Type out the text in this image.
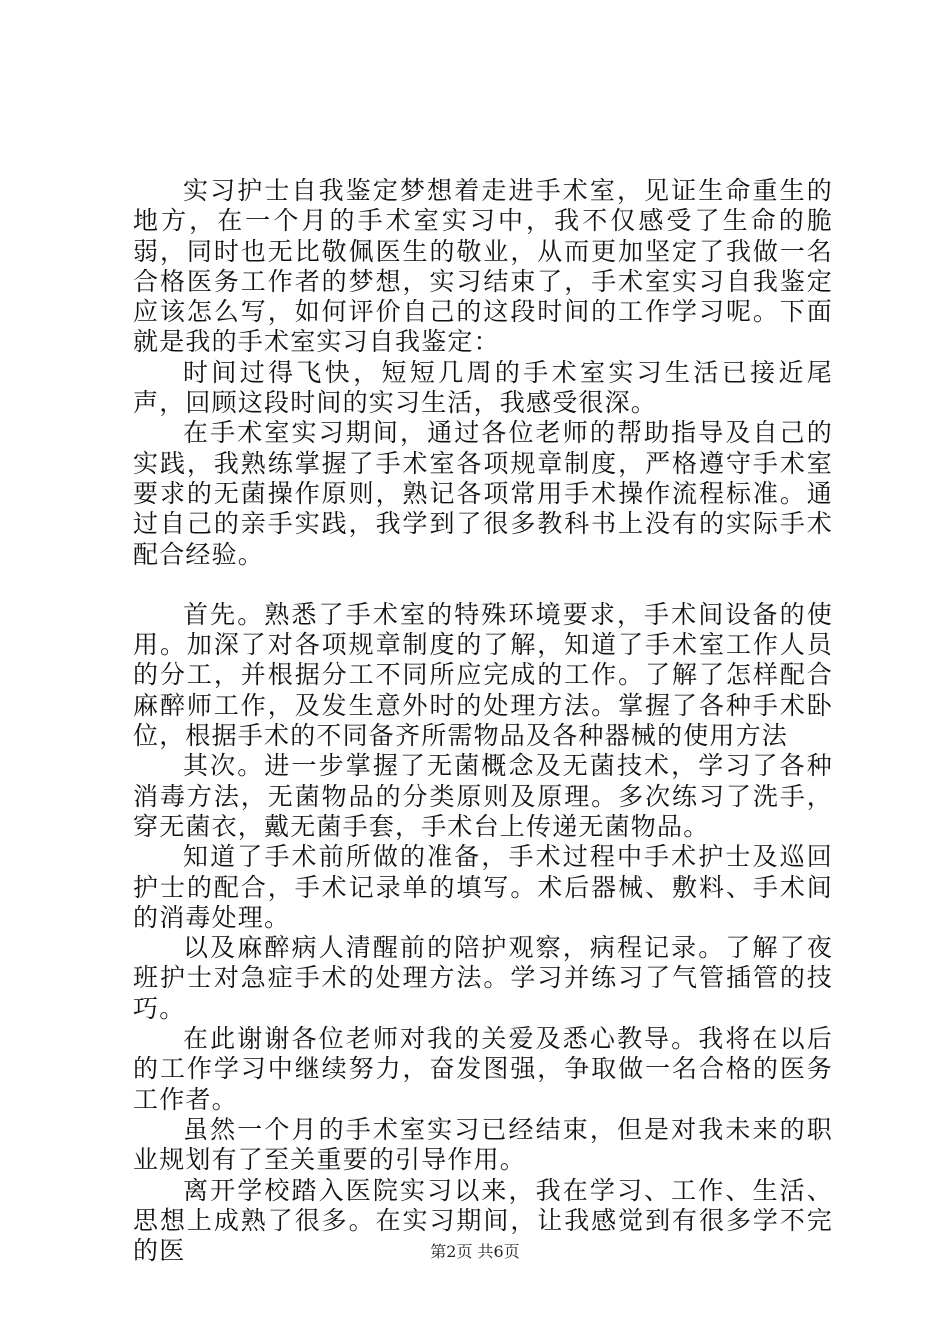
实习护士自我鉴定梦想着走进手术室，见证生命重生的地方，在一个月的手术室实习中，我不仅感受了生命的脆弱，同时也无比敬佩医生的敬业，从而更加坚定了我做一名合格医务工作者的梦想，实习结束了，手术室实习自我鉴定应该怎么写，如何评价自己的这段时间的工作学习呢。下面就是我的手术室实习自我鉴定：

时间过得飞快，短短几周的手术室实习生活已接近尾声，回顾这段时间的实习生活，我感受很深。

在手术室实习期间，通过各位老师的帮助指导及自己的实践，我熟练掌握了手术室各项规章制度，严格遵守手术室要求的无菌操作原则，熟记各项常用手术操作流程标准。通过自己的亲手实践，我学到了很多教科书上没有的实际手术配合经验。

首先。熟悉了手术室的特殊环境要求，手术间设备的使用。加深了对各项规章制度的了解，知道了手术室工作人员的分工，并根据分工不同所应完成的工作。了解了怎样配合麻醉师工作，及发生意外时的处理方法。掌握了各种手术卧位，根据手术的不同备齐所需物品及各种器械的使用方法

其次。进一步掌握了无菌概念及无菌技术，学习了各种消毒方法，无菌物品的分类原则及原理。多次练习了洗手，穿无菌衣，戴无菌手套，手术台上传递无菌物品。

知道了手术前所做的准备，手术过程中手术护士及巡回护士的配合，手术记录单的填写。术后器械、敷料、手术间的消毒处理。

以及麻醉病人清醒前的陪护观察，病程记录。了解了夜班护士对急症手术的处理方法。学习并练习了气管插管的技巧。

在此谢谢各位老师对我的关爱及悉心教导。我将在以后的工作学习中继续努力，奋发图强，争取做一名合格的医务工作者。

虽然一个月的手术室实习已经结束，但是对我未来的职业规划有了至关重要的引导作用。

离开学校踏入医院实习以来，我在学习、工作、生活、思想上成熟了很多。在实习期间，让我感觉到有很多学不完的医	第2页 共6页
